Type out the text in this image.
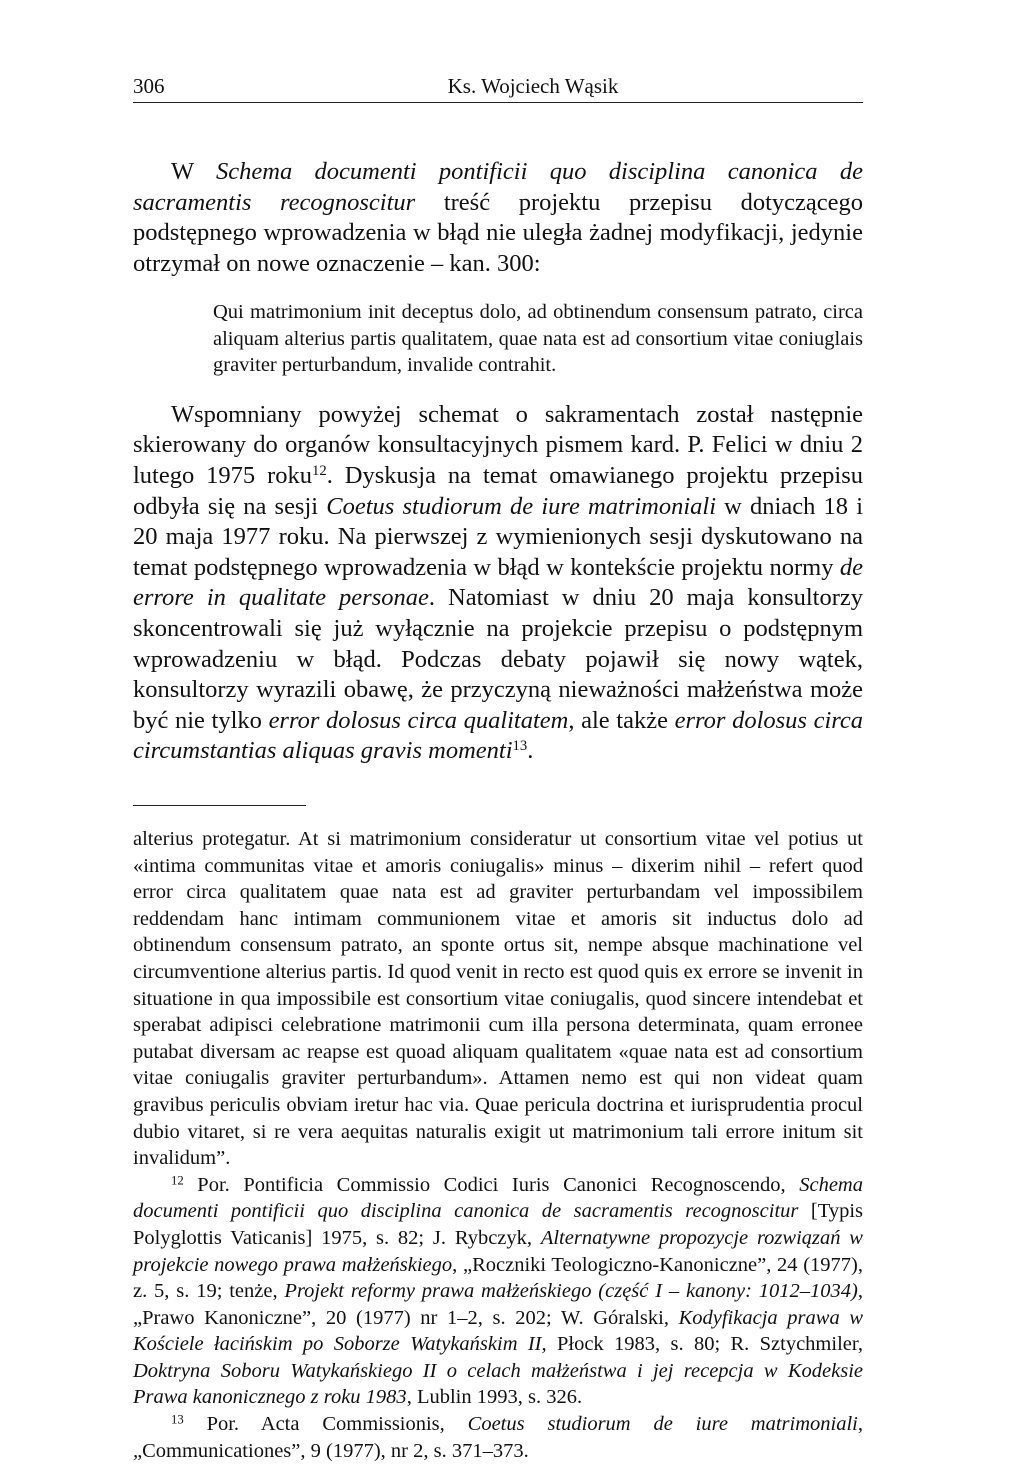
306	Ks. Wojciech Wąsik

W Schema documenti pontificii quo disciplina canonica de sacramentis recognoscitur treść projektu przepisu dotyczącego podstępnego wprowadzenia w błąd nie uległa żadnej modyfikacji, jedynie otrzymał on nowe oznaczenie – kan. 300:

Qui matrimonium init deceptus dolo, ad obtinendum consensum patrato, circa aliquam alterius partis qualitatem, quae nata est ad consortium vitae coniuglais graviter perturbandum, invalide contrahit.

Wspomniany powyżej schemat o sakramentach został następnie skierowany do organów konsultacyjnych pismem kard. P. Felici w dniu 2 lutego 1975 roku$^{12}$. Dyskusja na temat omawianego projektu przepisu odbyła się na sesji Coetus studiorum de iure matrimoniali w dniach 18 i 20 maja 1977 roku. Na pierwszej z wymienionych sesji dyskutowano na temat podstępnego wprowadzenia w błąd w kontekście projektu normy de errore in qualitate personae. Natomiast w dniu 20 maja konsultorzy skoncentrowali się już wyłącznie na projekcie przepisu o podstępnym wprowadzeniu w błąd. Podczas debaty pojawił się nowy wątek, konsultorzy wyrazili obawę, że przyczyną nieważności małżeństwa może być nie tylko error dolosus circa qualitatem, ale także error dolosus circa circumstantias aliquas gravis momenti$^{13}$.

alterius protegatur. At si matrimonium consideratur ut consortium vitae vel potius ut «intima communitas vitae et amoris coniugalis» minus – dixerim nihil – refert quod error circa qualitatem quae nata est ad graviter perturbandam vel impossibilem reddendam hanc intimam communionem vitae et amoris sit inductus dolo ad obtinendum consensum patrato, an sponte ortus sit, nempe absque machinatione vel circumventione alterius partis. Id quod venit in recto est quod quis ex errore se invenit in situatione in qua impossibile est consortium vitae coniugalis, quod sincere intendebat et sperabat adipisci celebratione matrimonii cum illa persona determinata, quam erronee putabat diversam ac reapse est quoad aliquam qualitatem «quae nata est ad consortium vitae coniugalis graviter perturbandum». Attamen nemo est qui non videat quam gravibus periculis obviam iretur hac via. Quae pericula doctrina et iurisprudentia procul dubio vitaret, si re vera aequitas naturalis exigit ut matrimonium tali errore initum sit invalidum”.

$^{12}$ Por. Pontificia Commissio Codici Iuris Canonici Recognoscendo, Schema documenti pontificii quo disciplina canonica de sacramentis recognoscitur [Typis Polyglottis Vaticanis] 1975, s. 82; J. Rybczyk, Alternatywne propozycje rozwiązań w projekcie nowego prawa małżeńskiego, „Roczniki Teologiczno-Kanoniczne”, 24 (1977), z. 5, s. 19; tenże, Projekt reformy prawa małżeńskiego (część I – kanony: 1012–1034), „Prawo Kanoniczne”, 20 (1977) nr 1–2, s. 202; W. Góralski, Kodyfikacja prawa w Kościele łacińskim po Soborze Watykańskim II, Płock 1983, s. 80; R. Sztychmiler, Doktryna Soboru Watykańskiego II o celach małżeństwa i jej recepcja w Kodeksie Prawa kanonicznego z roku 1983, Lublin 1993, s. 326.

$^{13}$ Por. Acta Commissionis, Coetus studiorum de iure matrimoniali, „Communicationes”, 9 (1977), nr 2, s. 371–373.
